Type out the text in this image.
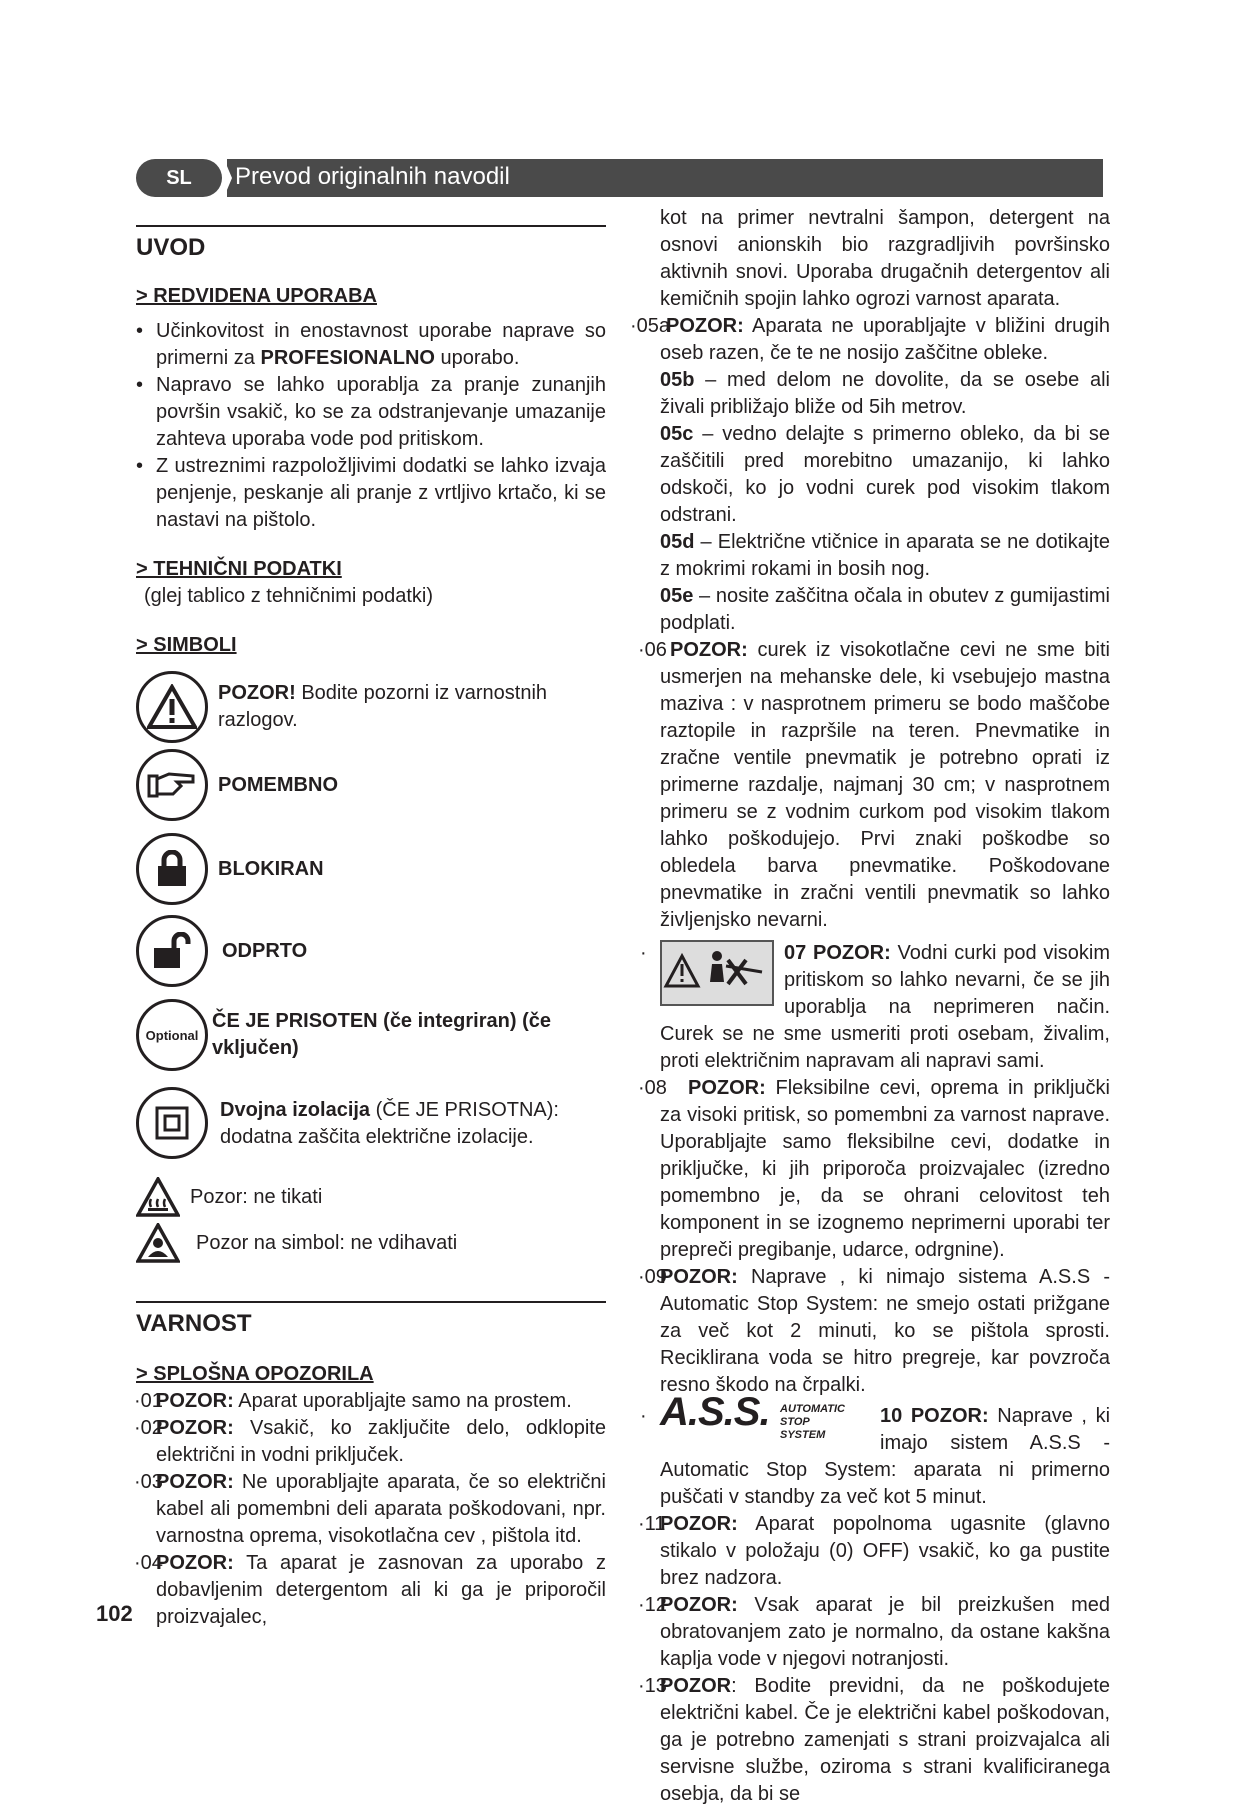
Prevod originalnih navodil
SL

UVOD

> REDVIDENA UPORABA

• Učinkovitost in enostavnost uporabe naprave so primerni za PROFESIONALNO uporabo.

• Napravo se lahko uporablja za pranje zunanjih površin vsakič, ko se za odstranjevanje umazanije zahteva uporaba vode pod pritiskom.

• Z ustreznimi razpoložljivimi dodatki se lahko izvaja penjenje, peskanje ali pranje z vrtljivo krtačo, ki se nastavi na pištolo.

> TEHNIČNI PODATKI

(glej tablico z tehničnimi podatki)

> SIMBOLI

POZOR! Bodite pozorni iz varnostnih razlogov.

POMEMBNO

BLOKIRAN

ODPRTO

Optional

ČE JE PRISOTEN (če integriran) (če vključen)

Dvojna izolacija (ČE JE PRISOTNA): dodatna zaščita električne izolacije.

Pozor: ne tikati

Pozor na simbol: ne vdihavati

VARNOST

> SPLOŠNA OPOZORILA

·01
POZOR: Aparat uporabljajte samo na prostem.

·02
POZOR: Vsakič, ko zaključite delo, odklopite električni in vodni priključek.

·03
POZOR: Ne uporabljajte aparata, če so električni kabel ali pomembni deli aparata poškodovani, npr. varnostna oprema, visokotlačna cev , pištola itd.

·04
POZOR: Ta aparat je zasnovan za uporabo z dobavljenim detergentom ali ki ga je priporočil proizvajalec,

102

kot na primer nevtralni šampon, detergent na osnovi anionskih bio razgradljivih površinsko aktivnih snovi. Uporaba drugačnih detergentov ali kemičnih spojin lahko ogrozi varnost aparata.

·05a
POZOR: Aparata ne uporabljajte v bližini drugih oseb razen, če te ne nosijo zaščitne obleke.

05b – med delom ne dovolite, da se osebe ali živali približajo bliže od 5ih metrov.

05c – vedno delajte s primerno obleko, da bi se zaščitili pred morebitno umazanijo, ki lahko odskoči, ko jo vodni curek pod visokim tlakom odstrani.

05d – Električne vtičnice in aparata se ne dotikajte z mokrimi rokami in bosih nog.

05e – nosite zaščitna očala in obutev z gumijastimi podplati.

·06 POZOR: curek iz visokotlačne cevi ne sme biti usmerjen na mehanske dele, ki vsebujejo mastna maziva : v nasprotnem primeru se bodo maščobe raztopile in razpršile na teren. Pnevmatike in zračne ventile pnevmatik je potrebno oprati iz primerne razdalje, najmanj 30 cm; v nasprotnem primeru se z vodnim curkom pod visokim tlakom lahko poškodujejo. Prvi znaki poškodbe so obledela barva pnevmatike. Poškodovane pnevmatike in zračni ventili pnevmatik so lahko življenjsko nevarni.

·	07 POZOR: Vodni curki pod visokim pritiskom so lahko nevarni, če se jih uporablja na neprimeren način. Curek se ne sme usmeriti proti osebam, živalim, proti električnim napravam ali napravi sami.

·08 POZOR: Fleksibilne cevi, oprema in priključki za visoki pritisk, so pomembni za varnost naprave. Uporabljajte samo fleksibilne cevi, dodatke in priključke, ki jih priporoča proizvajalec (izredno pomembno je, da se ohrani celovitost teh komponent in se izognemo neprimerni uporabi ter prepreči pregibanje, udarce, odrgnine).

·09
POZOR: Naprave , ki nimajo sistema A.S.S - Automatic Stop System: ne smejo ostati prižgane za več kot 2 minuti, ko se pištola sprosti. Reciklirana voda se hitro pregreje, kar povzroča resno škodo na črpalki.

A.S.S. AUTOMATIC
STOP
SYSTEM

·	10 POZOR: Naprave , ki imajo sistem A.S.S - Automatic Stop System: aparata ni primerno puščati v standby za več kot 5 minut.

·11
POZOR: Aparat popolnoma ugasnite (glavno stikalo v položaju (0) OFF) vsakič, ko ga pustite brez nadzora.

·12
POZOR: Vsak aparat je bil preizkušen med obratovanjem zato je normalno, da ostane kakšna kaplja vode v njegovi notranjosti.

·13
POZOR: Bodite previdni, da ne poškodujete električni kabel. Če je električni kabel poškodovan, ga je potrebno zamenjati s strani proizvajalca ali servisne službe, oziroma s strani kvalificiranega osebja, da bi se
